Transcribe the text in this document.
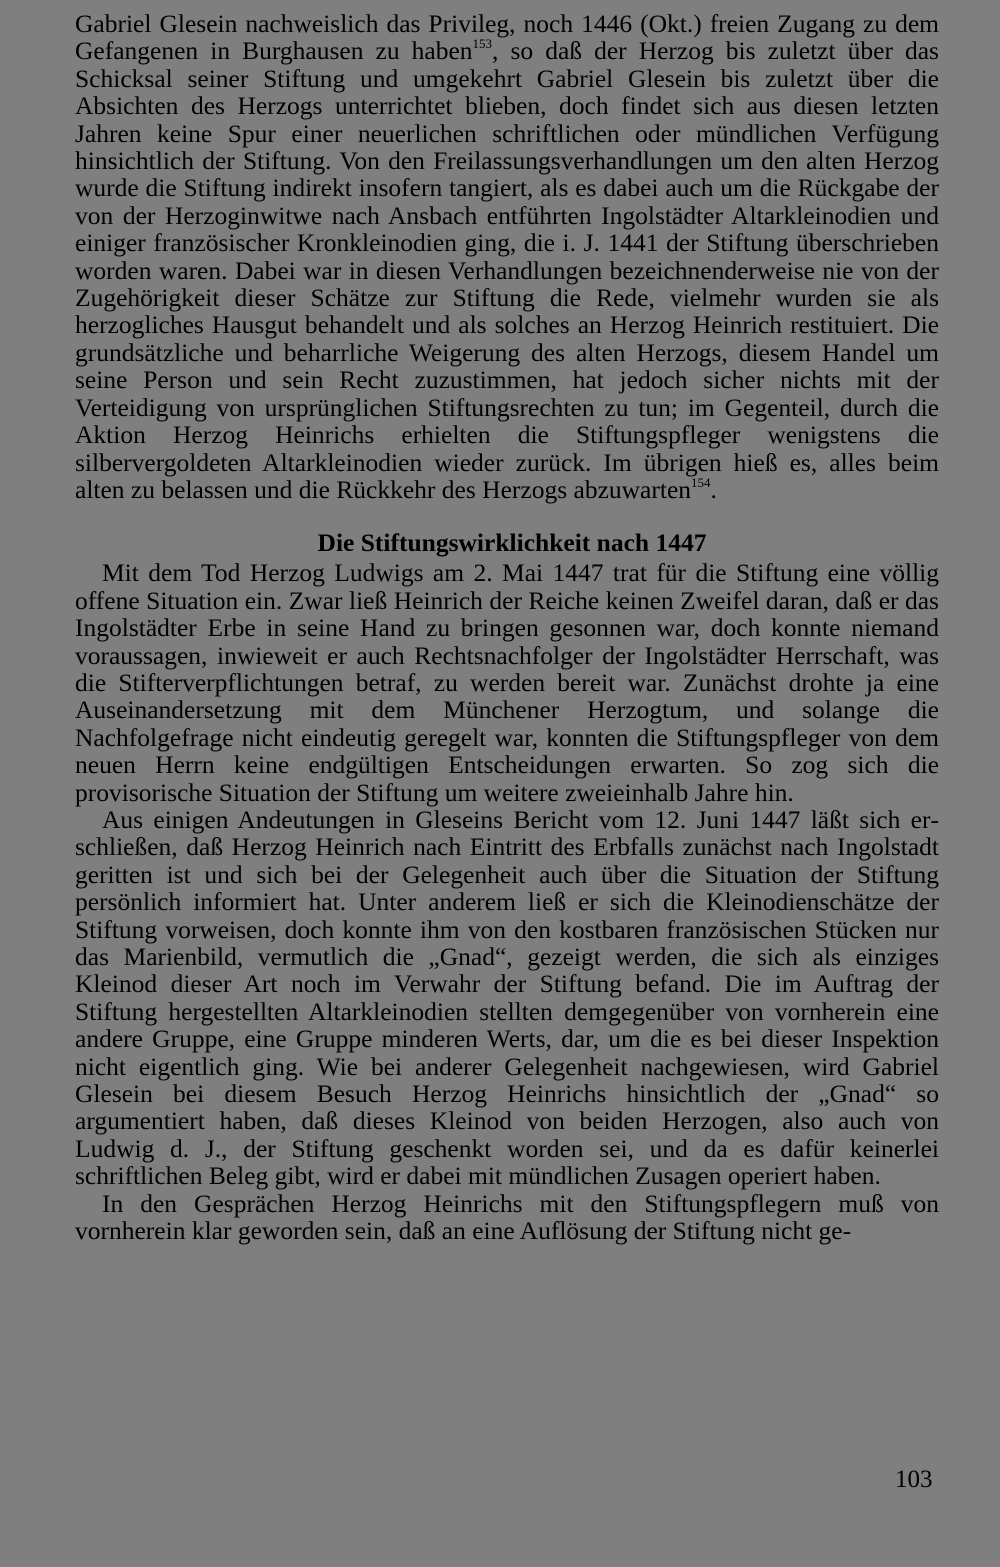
Gabriel Glesein nachweislich das Privileg, noch 1446 (Okt.) freien Zugang zu dem Gefangenen in Burghausen zu haben$^{153}$, so daß der Herzog bis zuletzt über das Schicksal seiner Stiftung und umgekehrt Gabriel Glesein bis zuletzt über die Absichten des Herzogs unterrichtet blieben, doch findet sich aus diesen letzten Jahren keine Spur einer neuerlichen schriftlichen oder mündlichen Verfügung hinsichtlich der Stiftung. Von den Freilassungsverhandlungen um den alten Herzog wurde die Stiftung indirekt insofern tangiert, als es dabei auch um die Rückgabe der von der Herzoginwitwe nach Ansbach entführten Ingolstädter Altarkleinodien und einiger französischer Kronkleinodien ging, die i. J. 1441 der Stiftung überschrieben worden waren. Dabei war in diesen Verhandlungen bezeichnenderweise nie von der Zugehörigkeit dieser Schätze zur Stiftung die Rede, vielmehr wurden sie als herzogliches Hausgut behandelt und als solches an Herzog Heinrich restituiert. Die grundsätzliche und beharrliche Weigerung des alten Herzogs, diesem Handel um seine Person und sein Recht zuzustimmen, hat jedoch sicher nichts mit der Verteidigung von ursprünglichen Stiftungsrechten zu tun; im Gegenteil, durch die Aktion Herzog Heinrichs erhielten die Stiftungspfleger wenigstens die silbervergoldeten Altarkleinodien wieder zurück. Im übrigen hieß es, alles beim alten zu belassen und die Rückkehr des Herzogs abzuwarten$^{154}$.

Die Stiftungswirklichkeit nach 1447

Mit dem Tod Herzog Ludwigs am 2. Mai 1447 trat für die Stiftung eine völlig offene Situation ein. Zwar ließ Heinrich der Reiche keinen Zweifel daran, daß er das Ingolstädter Erbe in seine Hand zu bringen gesonnen war, doch konnte niemand voraussagen, inwieweit er auch Rechtsnachfolger der Ingolstädter Herrschaft, was die Stifterverpflichtungen betraf, zu werden bereit war. Zunächst drohte ja eine Auseinandersetzung mit dem Münchener Herzogtum, und solange die Nachfolgefrage nicht eindeutig geregelt war, konnten die Stiftungspfleger von dem neuen Herrn keine endgültigen Entscheidungen erwarten. So zog sich die provisorische Situation der Stiftung um weitere zweieinhalb Jahre hin.

Aus einigen Andeutungen in Gleseins Bericht vom 12. Juni 1447 läßt sich erschließen, daß Herzog Heinrich nach Eintritt des Erbfalls zunächst nach Ingolstadt geritten ist und sich bei der Gelegenheit auch über die Situation der Stiftung persönlich informiert hat. Unter anderem ließ er sich die Kleinodienschätze der Stiftung vorweisen, doch konnte ihm von den kostbaren französischen Stücken nur das Marienbild, vermutlich die „Gnad“, gezeigt werden, die sich als einziges Kleinod dieser Art noch im Verwahr der Stiftung befand. Die im Auftrag der Stiftung hergestellten Altarkleinodien stellten demgegenüber von vornherein eine andere Gruppe, eine Gruppe minderen Werts, dar, um die es bei dieser Inspektion nicht eigentlich ging. Wie bei anderer Gelegenheit nachgewiesen, wird Gabriel Glesein bei diesem Besuch Herzog Heinrichs hinsichtlich der „Gnad“ so argumentiert haben, daß dieses Kleinod von beiden Herzogen, also auch von Ludwig d. J., der Stiftung geschenkt worden sei, und da es dafür keinerlei schriftlichen Beleg gibt, wird er dabei mit mündlichen Zusagen operiert haben.

In den Gesprächen Herzog Heinrichs mit den Stiftungspflegern muß von vornherein klar geworden sein, daß an eine Auflösung der Stiftung nicht ge-

103
